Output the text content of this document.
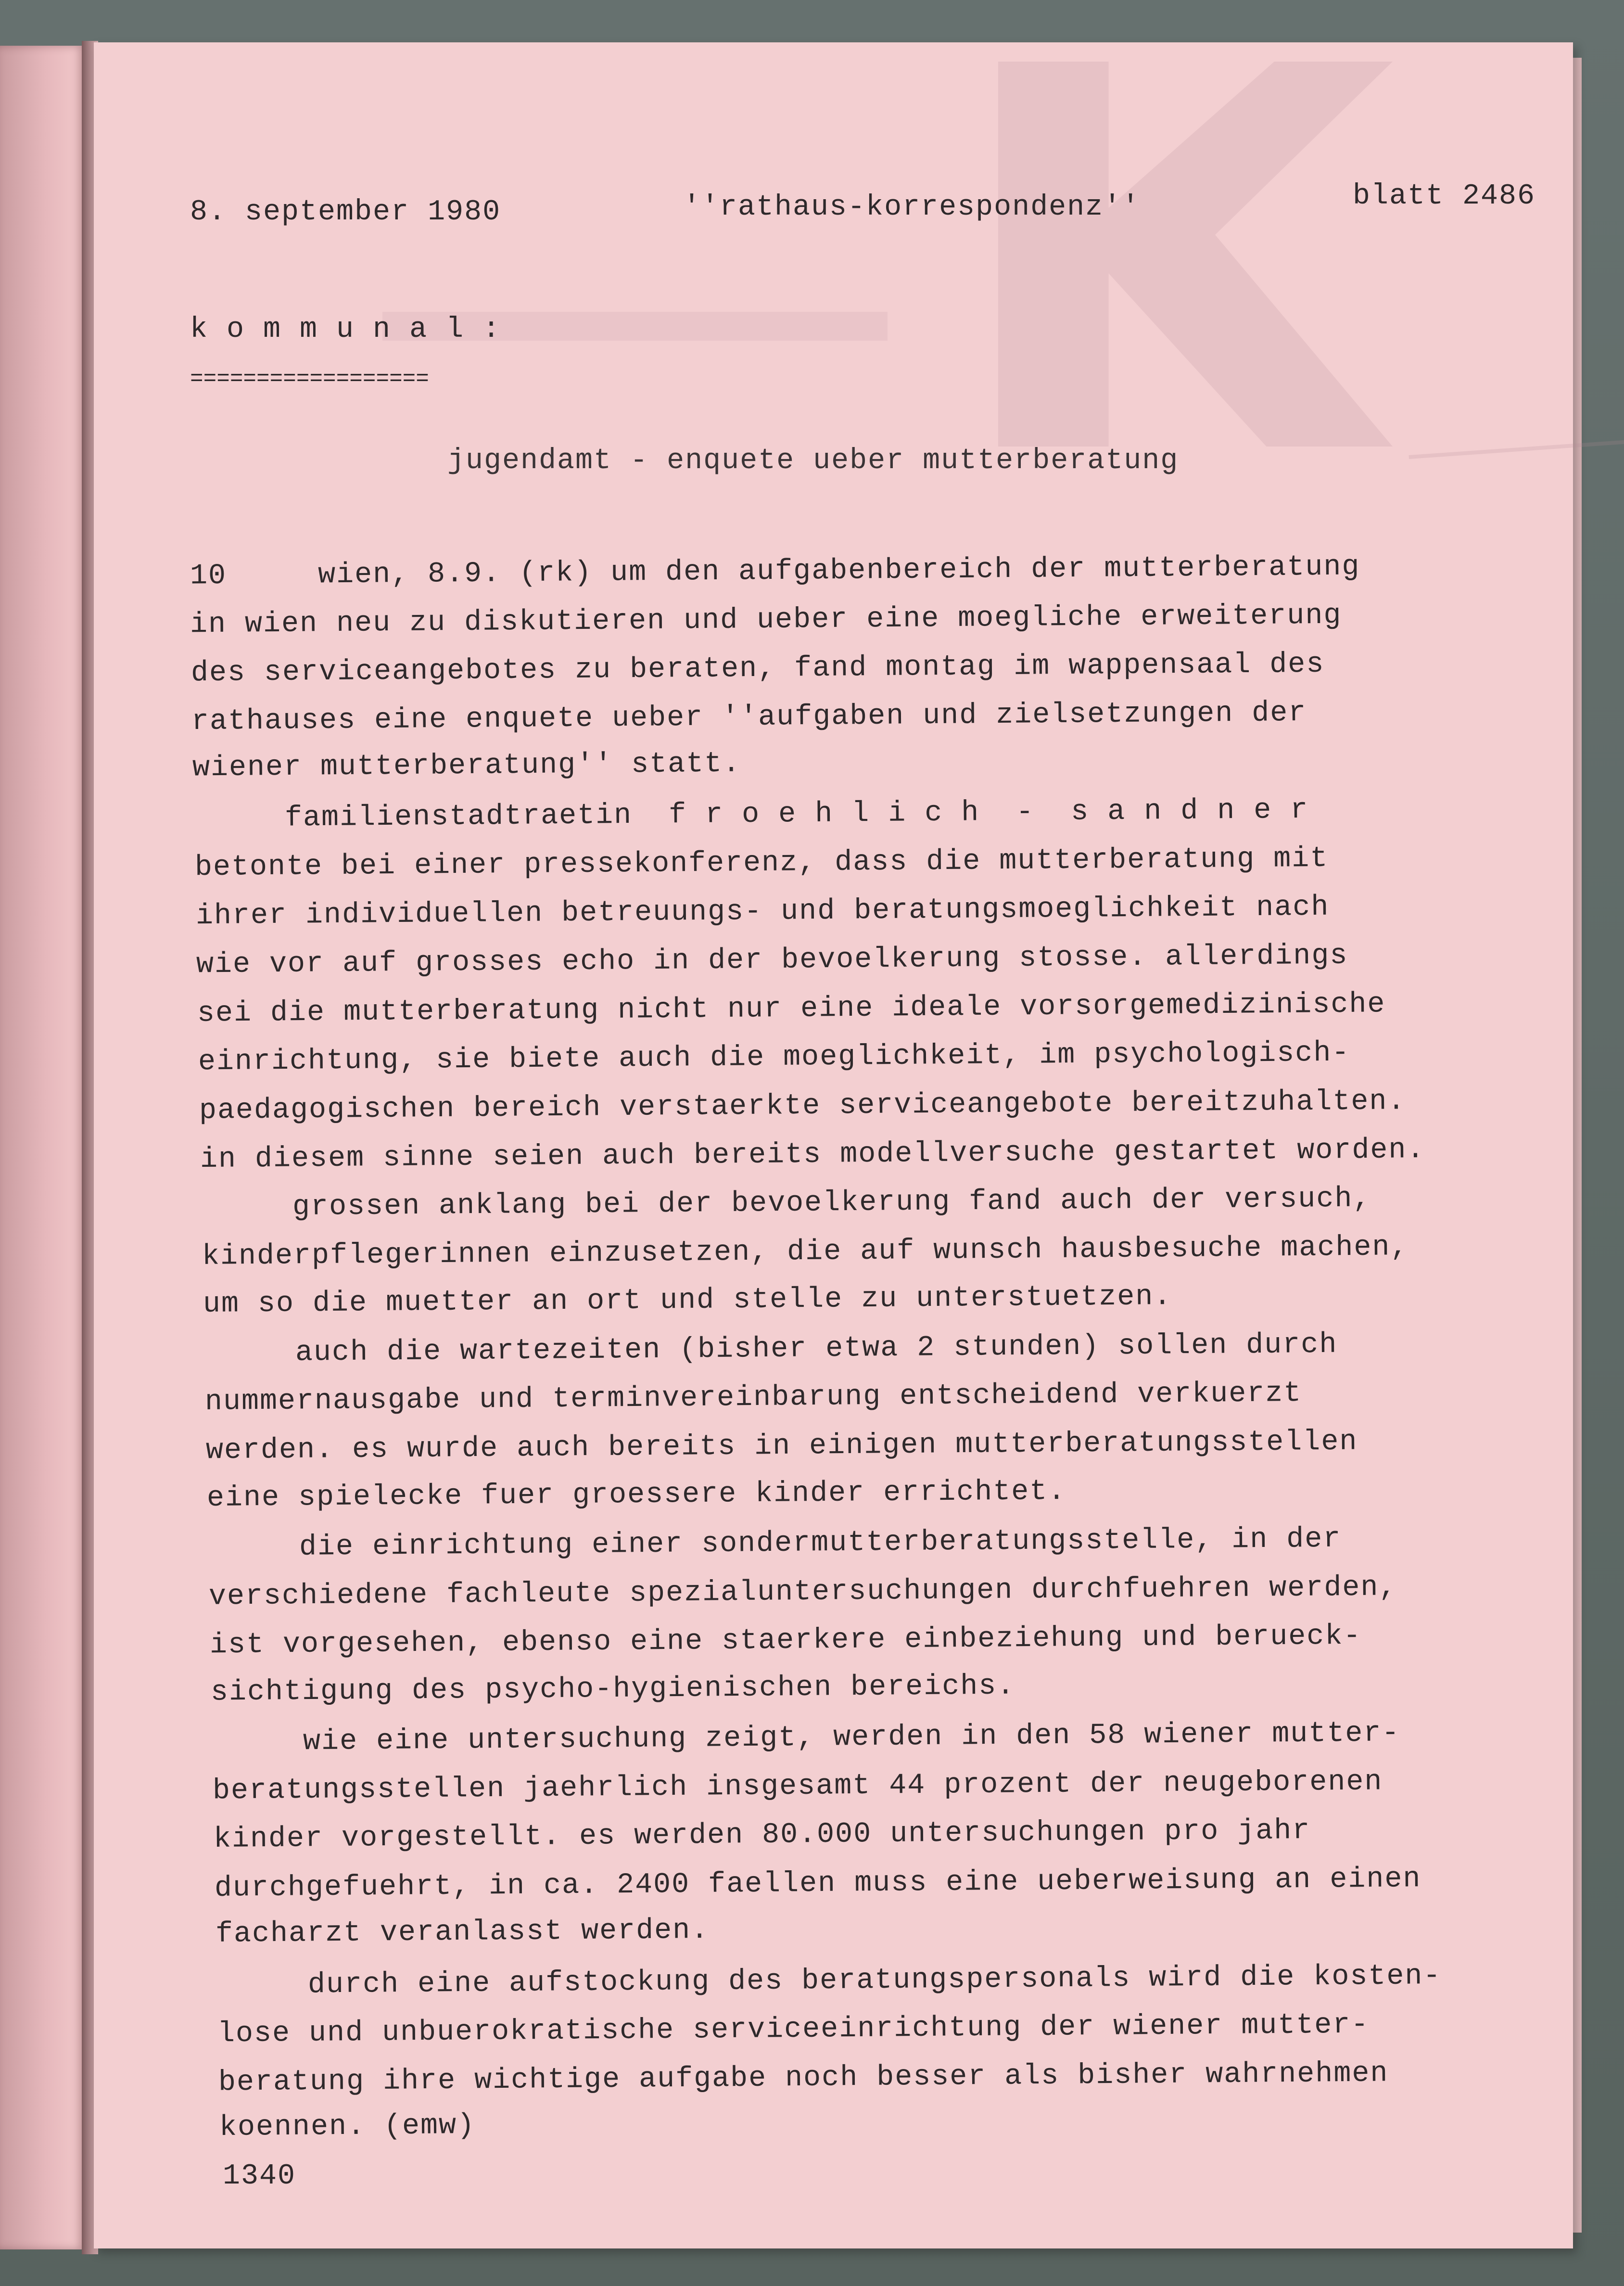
8. september 1980	''rathaus-korrespondenz''	blatt 2486
k o m m u n a l :
==================
jugendamt - enquete ueber mutterberatung
10     wien, 8.9. (rk) um den aufgabenbereich der mutterberatung
in wien neu zu diskutieren und ueber eine moegliche erweiterung
des serviceangebotes zu beraten, fand montag im wappensaal des
rathauses eine enquete ueber ''aufgaben und zielsetzungen der
wiener mutterberatung'' statt.
familienstadtraetin  f r o e h l i c h  -  s a n d n e r
betonte bei einer pressekonferenz, dass die mutterberatung mit
ihrer individuellen betreuungs- und beratungsmoeglichkeit nach
wie vor auf grosses echo in der bevoelkerung stosse. allerdings
sei die mutterberatung nicht nur eine ideale vorsorgemedizinische
einrichtung, sie biete auch die moeglichkeit, im psychologisch-
paedagogischen bereich verstaerkte serviceangebote bereitzuhalten.
in diesem sinne seien auch bereits modellversuche gestartet worden.
grossen anklang bei der bevoelkerung fand auch der versuch,
kinderpflegerinnen einzusetzen, die auf wunsch hausbesuche machen,
um so die muetter an ort und stelle zu unterstuetzen.
auch die wartezeiten (bisher etwa 2 stunden) sollen durch
nummernausgabe und terminvereinbarung entscheidend verkuerzt
werden. es wurde auch bereits in einigen mutterberatungsstellen
eine spielecke fuer groessere kinder errichtet.
die einrichtung einer sondermutterberatungsstelle, in der
verschiedene fachleute spezialuntersuchungen durchfuehren werden,
ist vorgesehen, ebenso eine staerkere einbeziehung und berueck-
sichtigung des psycho-hygienischen bereichs.
wie eine untersuchung zeigt, werden in den 58 wiener mutter-
beratungsstellen jaehrlich insgesamt 44 prozent der neugeborenen
kinder vorgestellt. es werden 80.000 untersuchungen pro jahr
durchgefuehrt, in ca. 2400 faellen muss eine ueberweisung an einen
facharzt veranlasst werden.
durch eine aufstockung des beratungspersonals wird die kosten-
lose und unbuerokratische serviceeinrichtung der wiener mutter-
beratung ihre wichtige aufgabe noch besser als bisher wahrnehmen
koennen. (emw)
1340
